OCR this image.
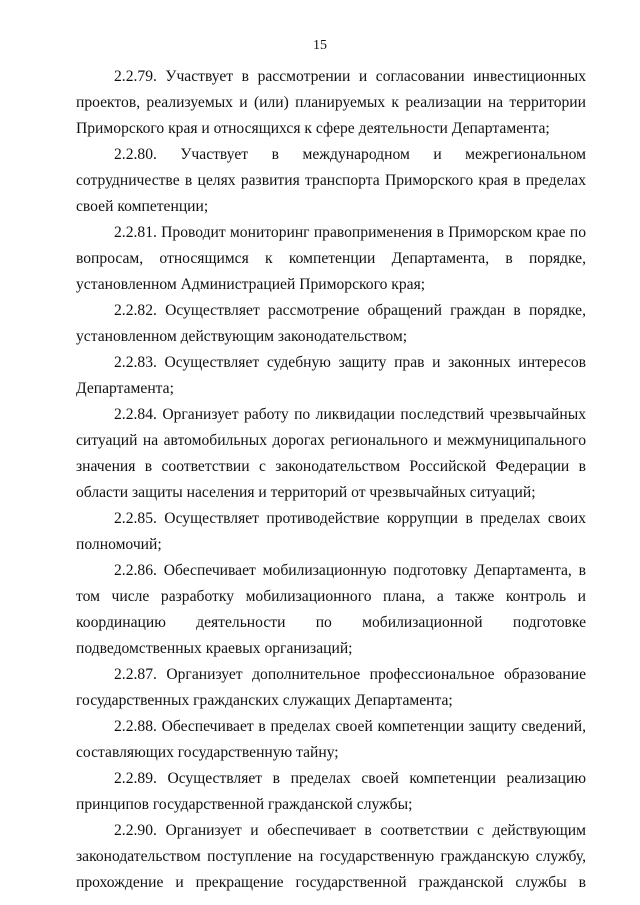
15

2.2.79. Участвует в рассмотрении и согласовании инвестиционных проектов, реализуемых и (или) планируемых к реализации на территории Приморского края и относящихся к сфере деятельности Департамента;

2.2.80. Участвует в международном и межрегиональном сотрудничестве в целях развития транспорта Приморского края в пределах своей компетенции;

2.2.81. Проводит мониторинг правоприменения в Приморском крае по вопросам, относящимся к компетенции Департамента, в порядке, установленном Администрацией Приморского края;

2.2.82. Осуществляет рассмотрение обращений граждан в порядке, установленном действующим законодательством;

2.2.83. Осуществляет судебную защиту прав и законных интересов Департамента;

2.2.84. Организует работу по ликвидации последствий чрезвычайных ситуаций на автомобильных дорогах регионального и межмуниципального значения в соответствии с законодательством Российской Федерации в области защиты населения и территорий от чрезвычайных ситуаций;

2.2.85. Осуществляет противодействие коррупции в пределах своих полномочий;

2.2.86. Обеспечивает мобилизационную подготовку Департамента, в том числе разработку мобилизационного плана, а также контроль и координацию деятельности по мобилизационной подготовке подведомственных краевых организаций;

2.2.87. Организует дополнительное профессиональное образование государственных гражданских служащих Департамента;

2.2.88. Обеспечивает в пределах своей компетенции защиту сведений, составляющих государственную тайну;

2.2.89. Осуществляет в пределах своей компетенции реализацию принципов государственной гражданской службы;

2.2.90. Организует и обеспечивает в соответствии с действующим законодательством поступление на государственную гражданскую службу, прохождение и прекращение государственной гражданской службы в
